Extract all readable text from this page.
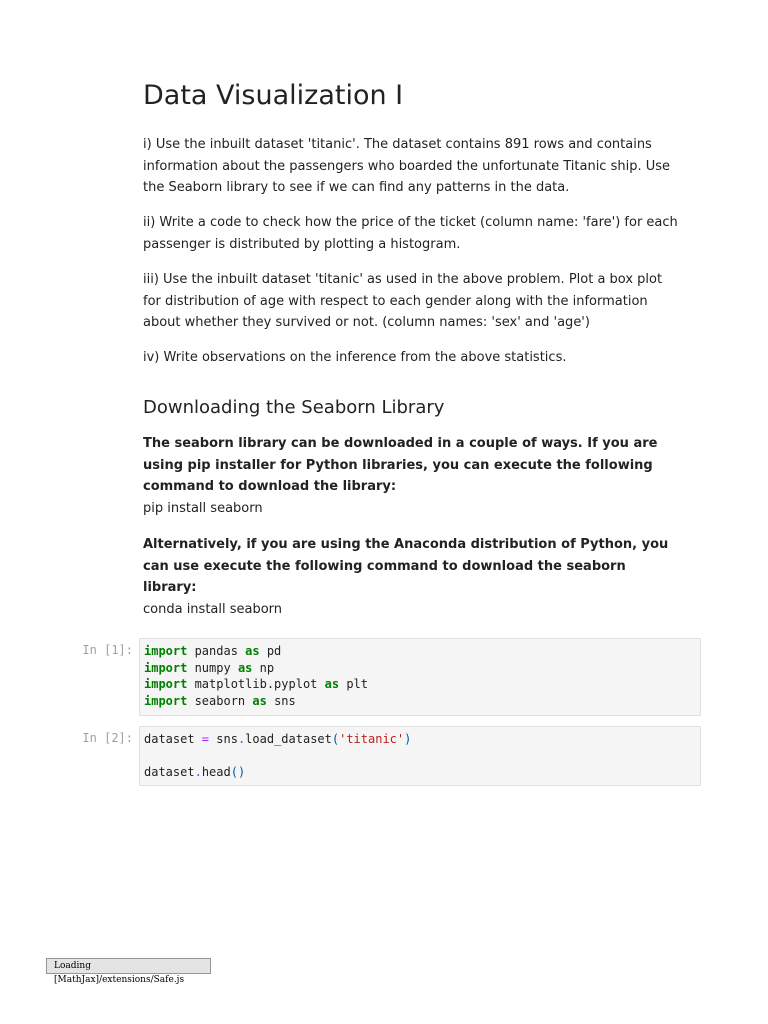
Data Visualization I

i) Use the inbuilt dataset 'titanic'. The dataset contains 891 rows and contains information about the passengers who boarded the unfortunate Titanic ship. Use the Seaborn library to see if we can find any patterns in the data.

ii) Write a code to check how the price of the ticket (column name: 'fare') for each passenger is distributed by plotting a histogram.

iii) Use the inbuilt dataset 'titanic' as used in the above problem. Plot a box plot for distribution of age with respect to each gender along with the information about whether they survived or not. (column names: 'sex' and 'age')

iv) Write observations on the inference from the above statistics.

Downloading the Seaborn Library

The seaborn library can be downloaded in a couple of ways. If you are using pip installer for Python libraries, you can execute the following command to download the library:

pip install seaborn

Alternatively, if you are using the Anaconda distribution of Python, you can use execute the following command to download the seaborn library:

conda install seaborn

In [1]: import pandas as pd
import numpy as np
import matplotlib.pyplot as plt
import seaborn as sns
In [2]: dataset = sns.load_dataset('titanic')
dataset.head()
Loading [MathJax]/extensions/Safe.js
